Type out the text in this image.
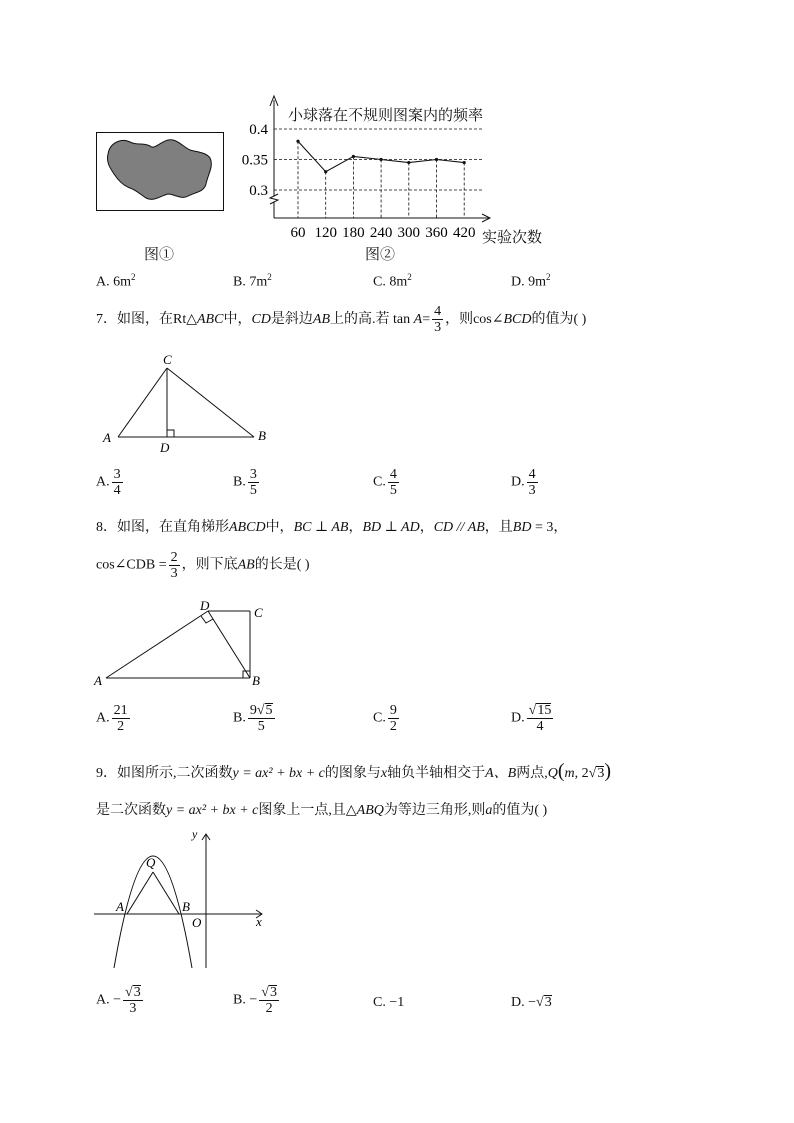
图①
小球落在不规则图案内的频率
0.4
0.35
0.3
60 120 180 240 300 360 420 实验次数
图②
A. $6m^2$	B. $7m^2$	C. $8m^2$	D. $9m^2$
7．如图，在Rt△ABC中，CD是斜边AB上的高.若 $\tan A= \frac{4}{3}$ ，则cos∠BCD的值为( )
C
A	B
D
A. $\frac{3}{4}$	B. $\frac{3}{5}$	C. $\frac{4}{5}$	D. $\frac{4}{3}$
8．如图，在直角梯形ABCD中，BC ⊥ AB，BD ⊥ AD，CD // AB，且BD = 3，
cos∠CDB = $\frac{2}{3}$ ，则下底AB的长是( )
D	C
A	B
A. $\frac{21}{2}$	B. $\frac{9√5}{5}$	C. $\frac{9}{2}$	D. $\frac{√15}{4}$
9．如图所示,二次函数y = ax² + bx + c的图象与x轴负半轴相交于A、B两点,Q(m, 2√3)
是二次函数y = ax² + bx + c图象上一点,且△ABQ为等边三角形,则a的值为( )
y
Q
A	B
O	x
A. − $\frac{√3}{3}$	B. − $\frac{√3}{2}$	C. −1	D. −√3
